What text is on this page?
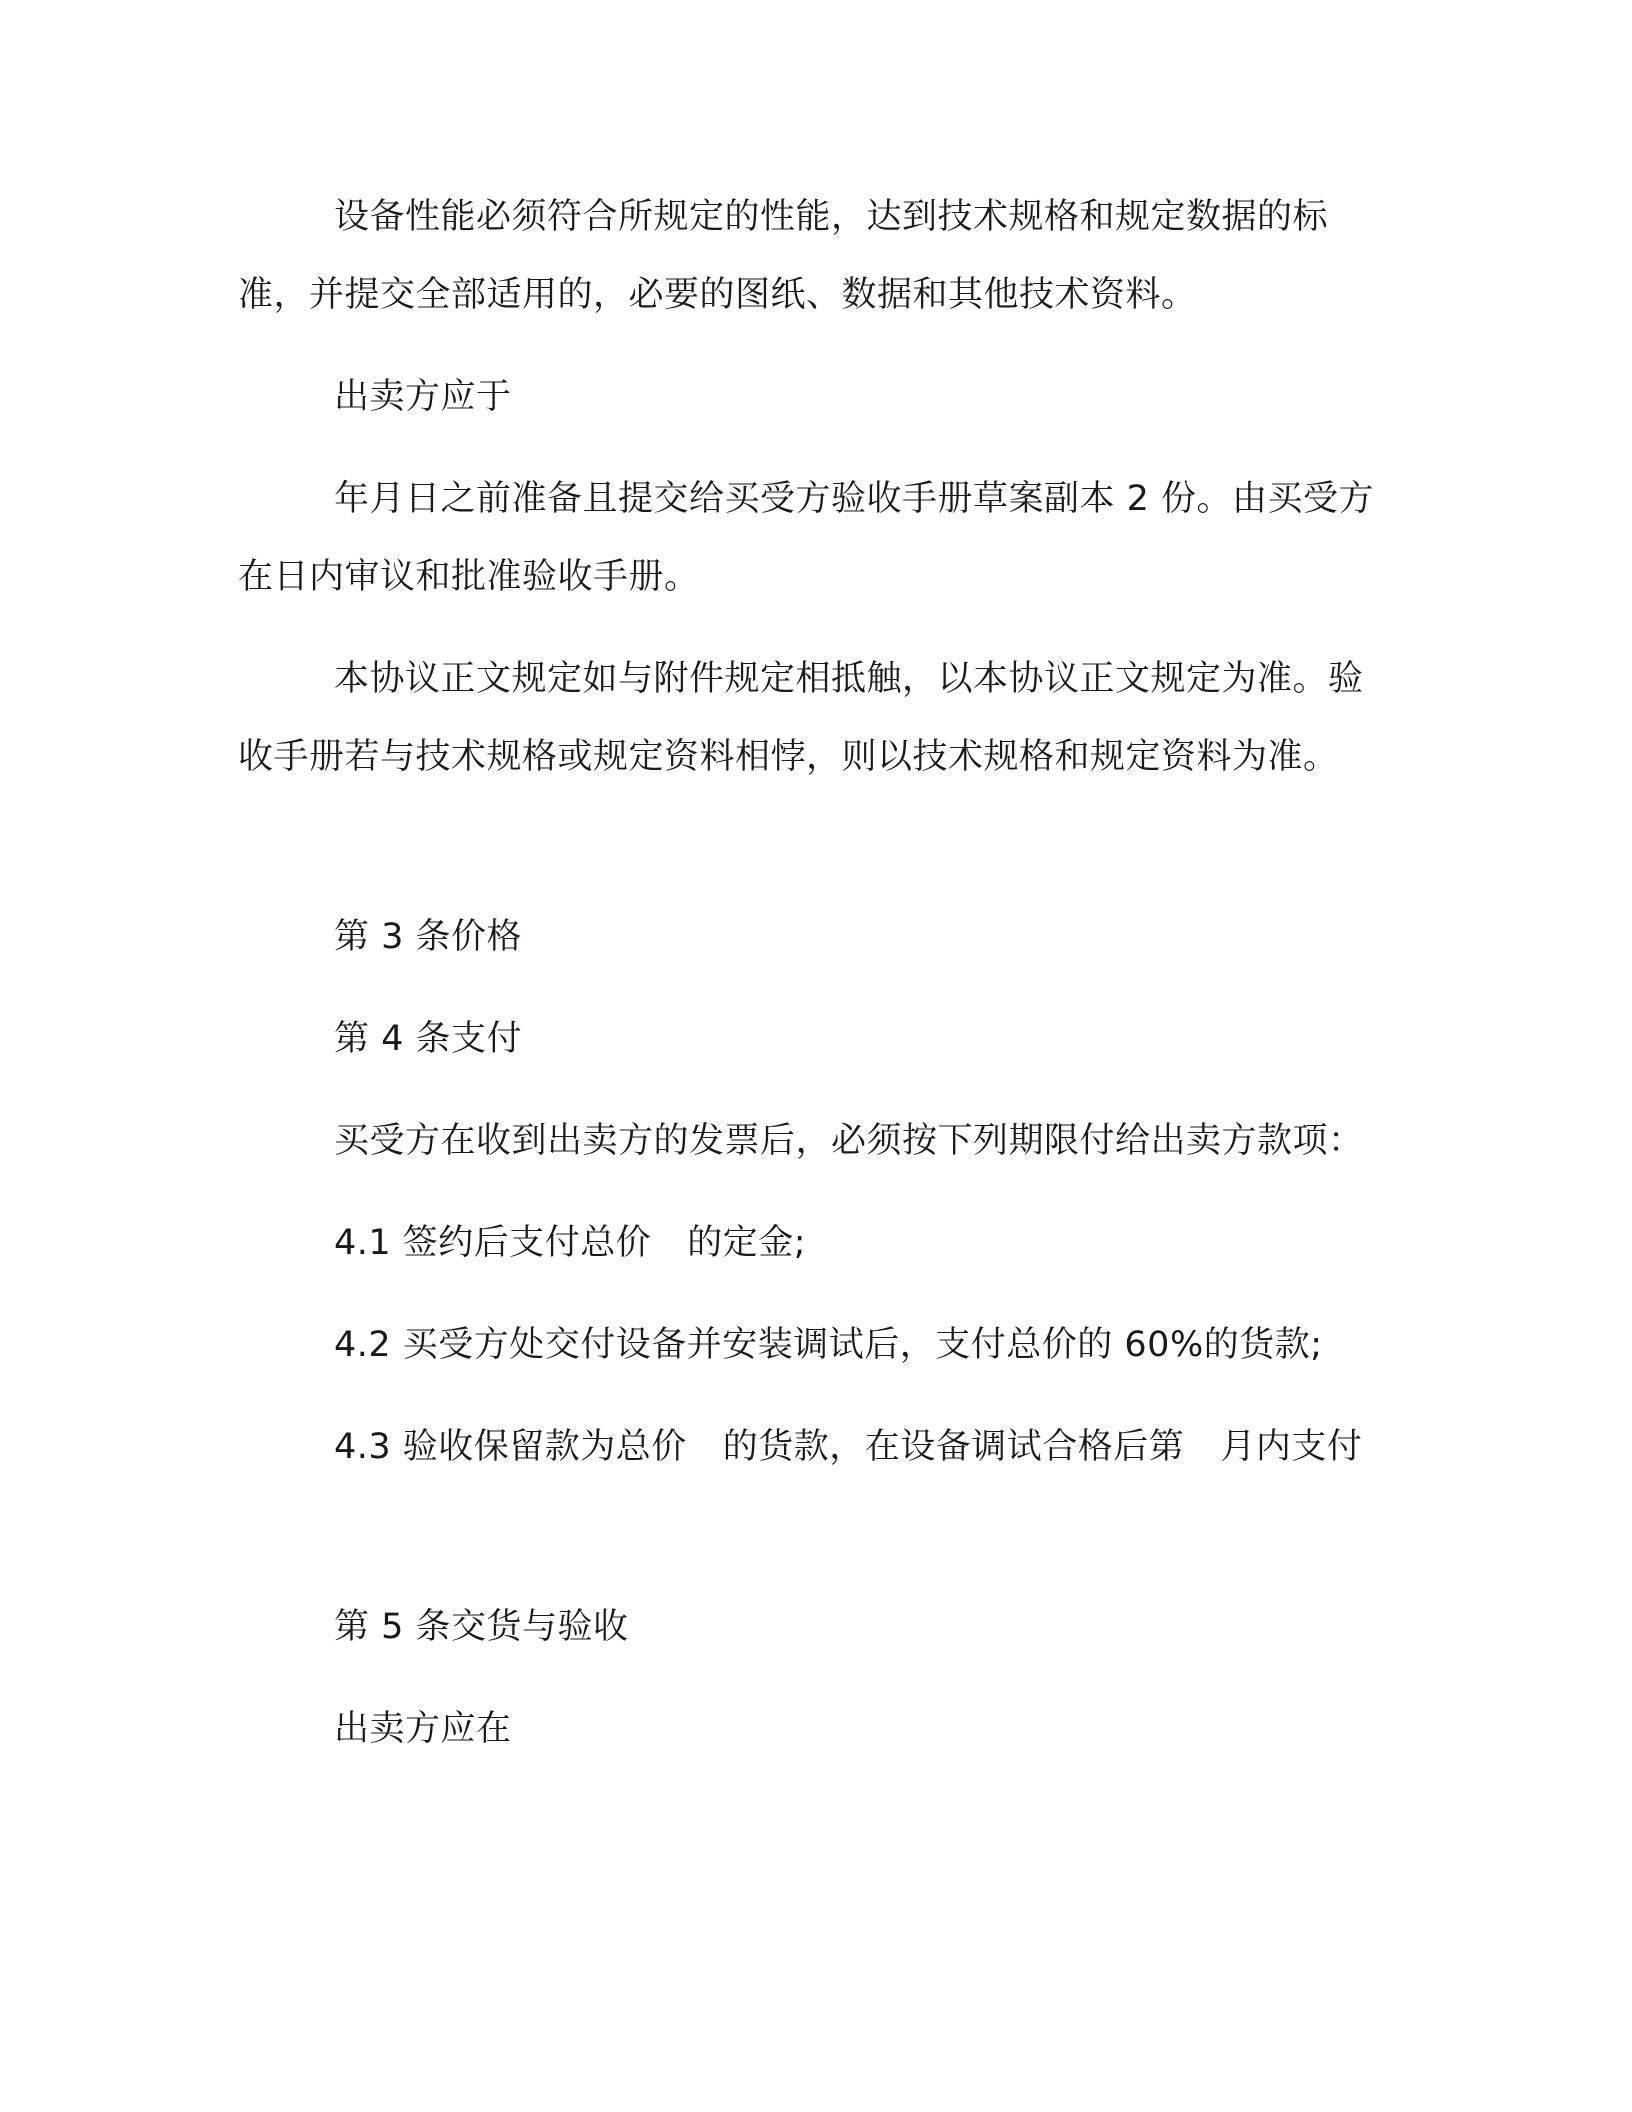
设备性能必须符合所规定的性能，达到技术规格和规定数据的标准，并提交全部适用的，必要的图纸、数据和其他技术资料。

出卖方应于

年月日之前准备且提交给买受方验收手册草案副本 2 份。由买受方在日内审议和批准验收手册。

本协议正文规定如与附件规定相抵触，以本协议正文规定为准。验收手册若与技术规格或规定资料相悖，则以技术规格和规定资料为准。

第 3 条价格

第 4 条支付

买受方在收到出卖方的发票后，必须按下列期限付给出卖方款项：

4.1 签约后支付总价 的定金;

4.2 买受方处交付设备并安装调试后，支付总价的 60%的货款;

4.3 验收保留款为总价 的货款，在设备调试合格后第 月内支付

第 5 条交货与验收

出卖方应在
